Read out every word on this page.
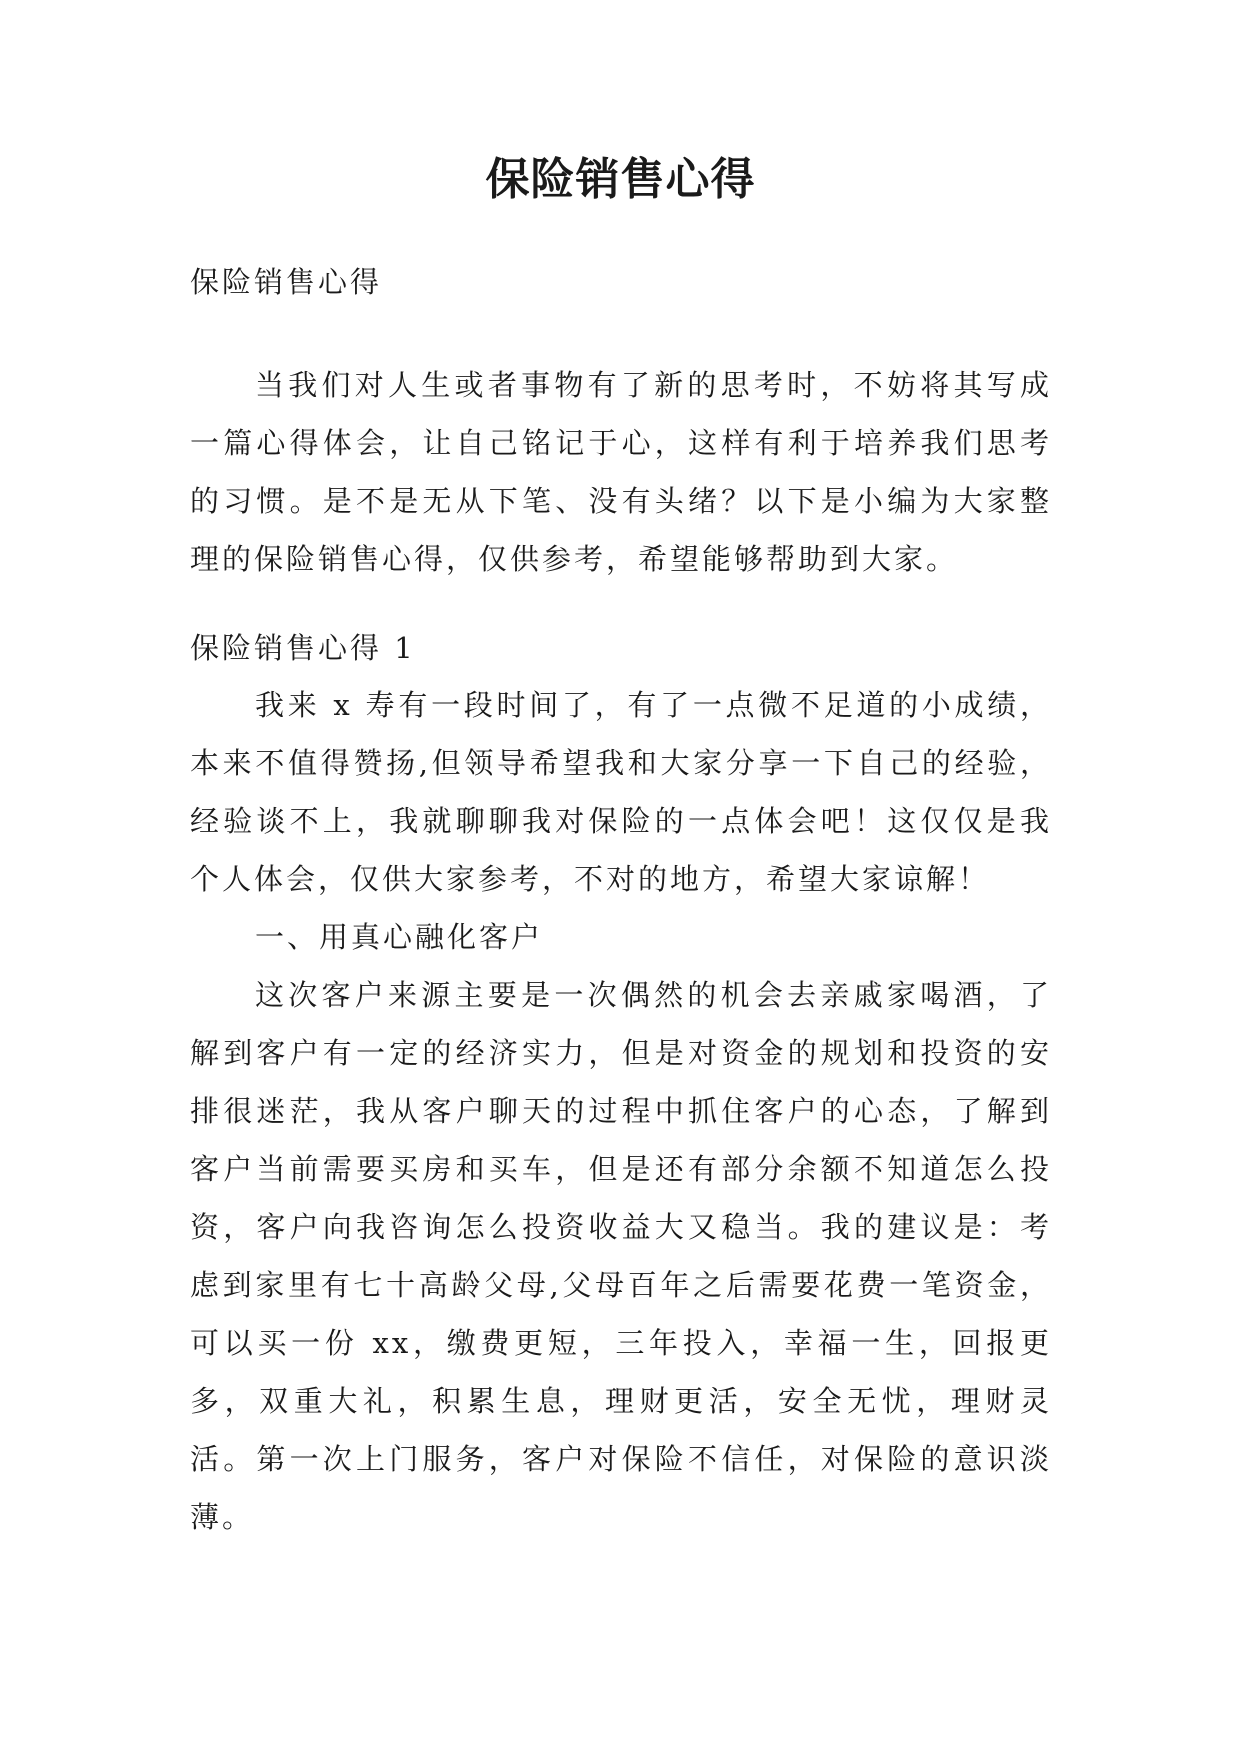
保险销售心得
保险销售心得

当我们对人生或者事物有了新的思考时，不妨将其写成一篇心得体会，让自己铭记于心，这样有利于培养我们思考的习惯。是不是无从下笔、没有头绪？以下是小编为大家整理的保险销售心得，仅供参考，希望能够帮助到大家。

保险销售心得 1

我来 x 寿有一段时间了，有了一点微不足道的小成绩，本来不值得赞扬,但领导希望我和大家分享一下自己的经验，经验谈不上，我就聊聊我对保险的一点体会吧！这仅仅是我个人体会，仅供大家参考，不对的地方，希望大家谅解！

一、用真心融化客户

这次客户来源主要是一次偶然的机会去亲戚家喝酒，了解到客户有一定的经济实力，但是对资金的规划和投资的安排很迷茫，我从客户聊天的过程中抓住客户的心态，了解到客户当前需要买房和买车，但是还有部分余额不知道怎么投资，客户向我咨询怎么投资收益大又稳当。我的建议是：考虑到家里有七十高龄父母,父母百年之后需要花费一笔资金，可以买一份 xx，缴费更短，三年投入，幸福一生，回报更多，双重大礼，积累生息，理财更活，安全无忧，理财灵活。第一次上门服务，客户对保险不信任，对保险的意识淡薄。
